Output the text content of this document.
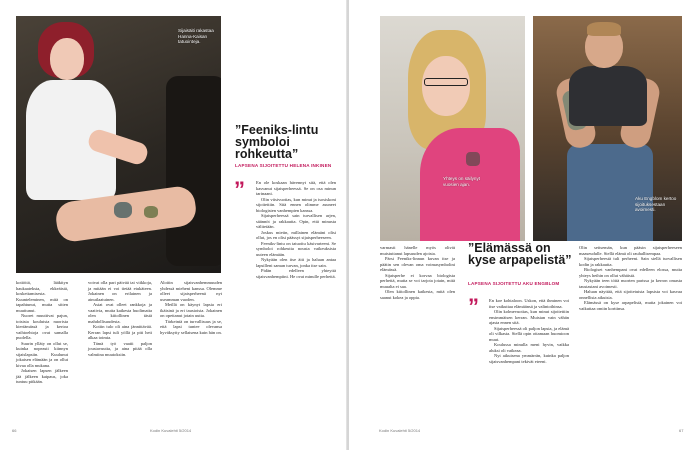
Sijaisäiti rakastaa Hanna-Kaisan tatuointeja.
”Feeniks-lintu symboloi rohkeutta”
LAPSENA SIJOITETTU HELENA INKINEN
”

kotiöitä, lääkityn haukaateksta, ekkeäistä, koskettamisesta. Kuunteleminen, mitä on tapahtunut, mutta sitten muuttunut.

Nuoret muuttivat pajun, toisista kouluista nuorista kiertämässä ja kertoa vaihtoehtoja ovat samalla puolella.

Suurin ylläty on ollut se, kuinka nopeasti kiinnyn sijaislapsiin. Kuulunut jokaisen elämään ja on ollut kivaa olla mukana.

Jokaisen lapsen jälkeen jää jälkeen kaipaus, joka tuntuu pitkään.

voivat olla pari päivää tai viikkoja, ja mitään ei voi tietää etukäteen. Jokainen on erilainen ja ainutlaatuinen.

Asiat ovat olleet rankkoja ja vaativia, mutta kaikesta huolimatta olen kiitollinen tästä mahdollisuudesta.

Kotiin tulo oli aina jännittävää. Kerran lapsi tuli yöllä ja piti heti alkaa toimia.

Tämä työ vaatii paljon joustavuutta, ja aina pitää olla valmiina muutoksiin.

Aloitin sijaisvanhemmuuden yhdessä mieheni kanssa. Olemme olleet sijaisperheenä nyt useamman vuoden.

Meillä on käynyt lapsia eri ikäisinä ja eri taustoista. Jokainen on opettanut jotain uutta.

Tärkeintä on turvallisuus ja se, että lapsi tuntee olevansa hyväksytty sellaisena kuin hän on.

En ole koskaan hävennyt sitä, että olen kasvanut sijaisperheessä. Se on osa minun tarinaani.

Olin viisivuotias, kun minut ja isosiskoni sijoitettiin. Sitä ennen olimme asuneet biologisten vanhempien kanssa.

Sijaisperheessä sain turvallisen arjen, säännöt ja rakkautta. Opin, että minusta välitetään.

Joskus mietin, millainen elämäni olisi ollut, jos en olisi päässyt sijaisperheeseen.

Feeniks-lintu on tatuoitu käsivarteeni. Se symboloi rohkeutta nousta vaikeuksista uuteen elämään.

Nykyään olen itse äiti ja haluan antaa lapsilleni saman turvan, jonka itse sain.

Pidän edelleen yhteyttä sijaisvanhempiini. He ovat minulle perhettä.

66	Kodin Kuvalehti 5/2014
Yhteys on säilynyt vuosien ajan.
Aku Engblom kertoo sijoituksestaan avoimesti.
”Elämässä on kyse arpapelistä”
LAPSENA SIJOITETTU AKU ENGBLOM
”

varmasti hänelle myös olivät muistuttanut lapsuuden ajoista.

Pärsi Feeniks-linnun kuvan itse ja päätin sen olevan oma voimasymbolini elämässä.

Sijaisperhe ei korvaa biologista perhettä, mutta se voi tarjota jotain, mitä muualta ei saa.

Olen kiitollinen kaikesta, mitä olen saanut kokea ja oppia.

En koe kohtaloon. Uskon, että ihminen voi itse vaikuttaa elämäänsä ja valintoihinsa.

Olin kolmevuotias, kun minut sijoitettiin ensimmäisen kerran. Muistan vain vähän ajasta ennen sitä.

Sijaisperheessä oli paljon lapsia, ja elämä oli vilkasta. Siellä opin ottamaan huomioon muut.

Koulussa minulla meni hyvin, vaikka aluksi oli vaikeaa.

Nyt aikuisena ymmärrän, kuinka paljon sijaisvanhempani tekivät eteeni.

Olin seitsemän, kun pääsin sijaisperheeseen maaseudulle. Siellä elämä oli rauhallisempaa.

Sijaisperheestä tuli perheeni. Sain siellä turvallisen kodin ja rakkautta.

Biologiset vanhempani ovat edelleen elossa, mutta yhteys heihin on ollut vähäistä.

Nykyään teen töitä nuorten parissa ja kerron omasta taustastani avoimesti.

Haluan näyttää, että sijoitetuista lapsista voi kasvaa onnellisia aikuisia.

Elämässä on kyse arpapelistä, mutta jokainen voi vaikuttaa omiin korttinsa.

Kodin Kuvalehti 5/2014	67
